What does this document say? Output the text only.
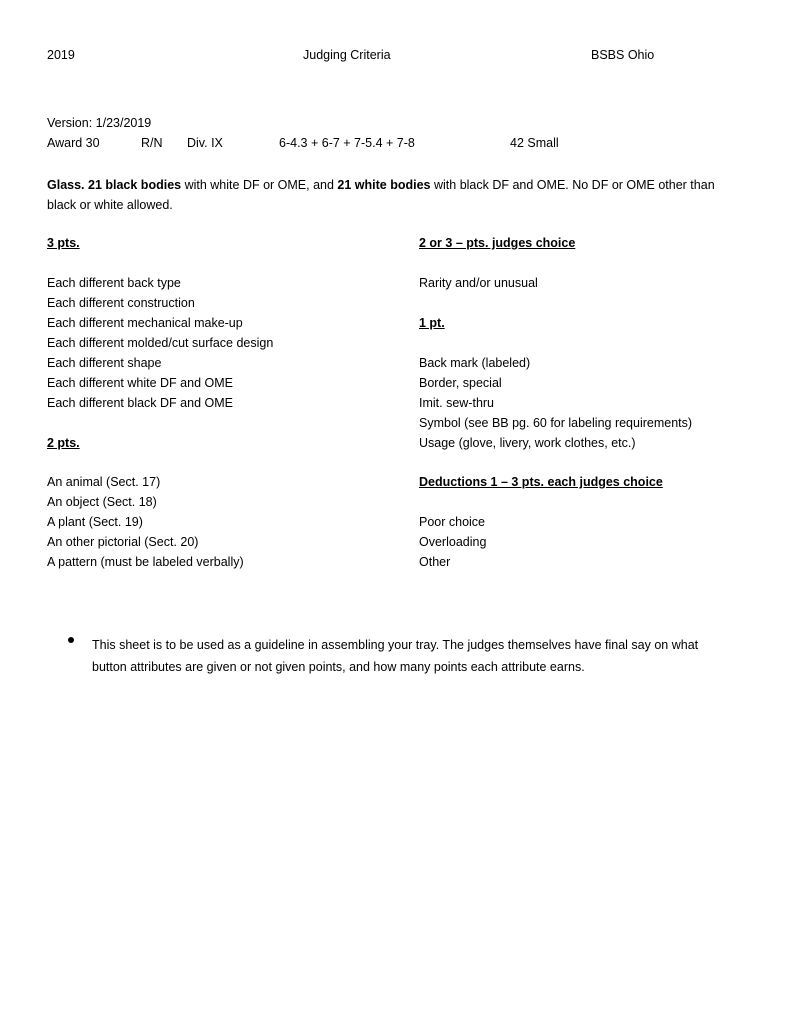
2019	Judging Criteria	BSBS Ohio
Version: 1/23/2019
Award 30	R/N Div. IX	6-4.3 + 6-7 + 7-5.4 + 7-8	42 Small
Glass. 21 black bodies with white DF or OME, and 21 white bodies with black DF and OME. No DF or OME other than black or white allowed.
3 pts.
Each different back type
Each different construction
Each different mechanical make-up
Each different molded/cut surface design
Each different shape
Each different white DF and OME
Each different black DF and OME
2 pts.
An animal (Sect. 17)
An object (Sect. 18)
A plant (Sect. 19)
An other pictorial (Sect. 20)
A pattern (must be labeled verbally)
2 or 3 – pts. judges choice
Rarity and/or unusual
1 pt.
Back mark (labeled)
Border, special
Imit. sew-thru
Symbol (see BB pg. 60 for labeling requirements)
Usage (glove, livery, work clothes, etc.)
Deductions 1 – 3 pts. each judges choice
Poor choice
Overloading
Other
This sheet is to be used as a guideline in assembling your tray. The judges themselves have final say on what button attributes are given or not given points, and how many points each attribute earns.
